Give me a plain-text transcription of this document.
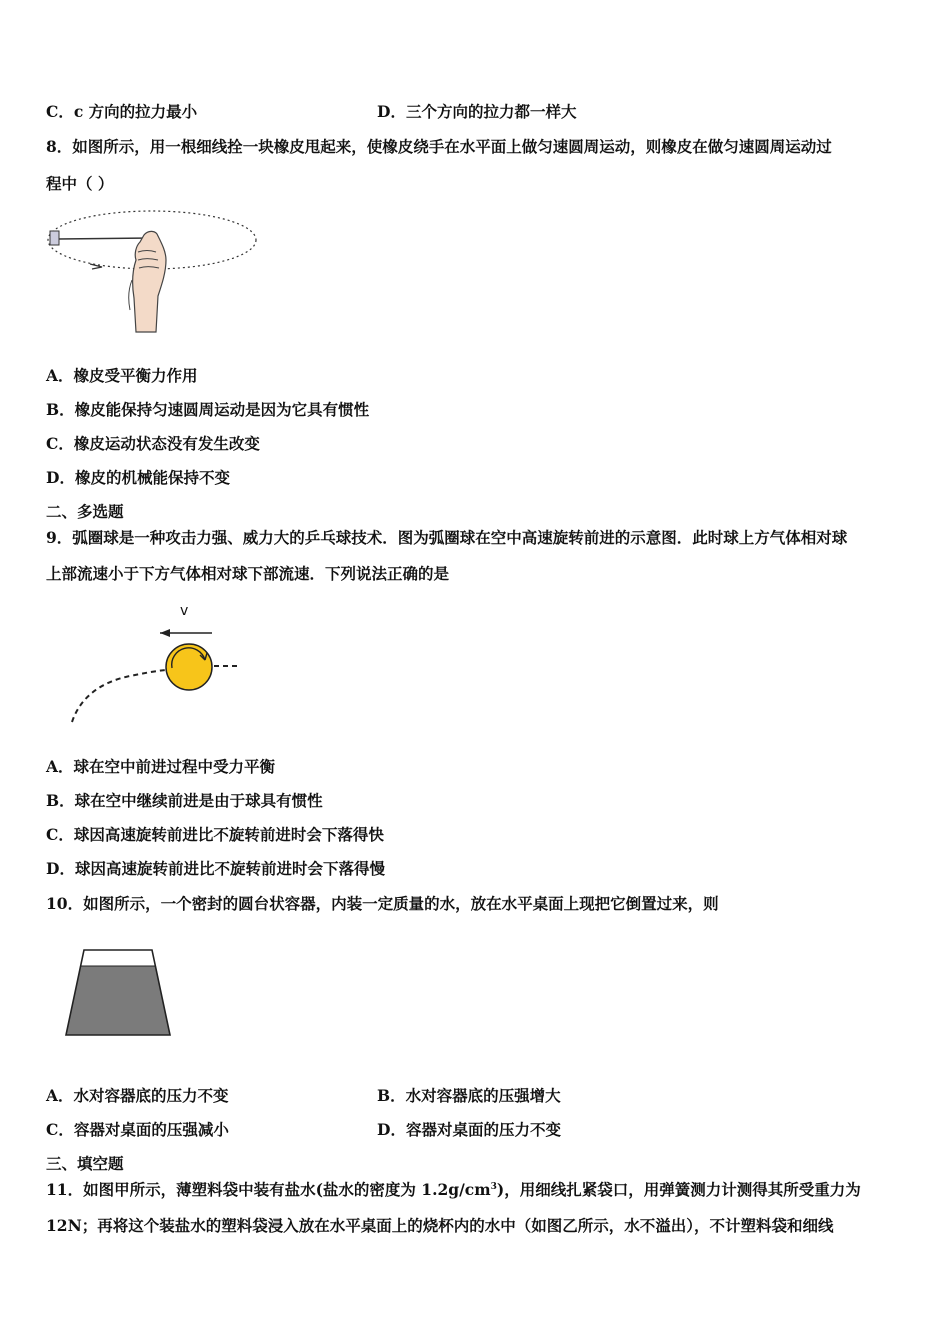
C．c 方向的拉力最小	D．三个方向的拉力都一样大
8．如图所示，用一根细线拴一块橡皮甩起来，使橡皮绕手在水平面上做匀速圆周运动，则橡皮在做匀速圆周运动过
程中（ ）
A．橡皮受平衡力作用
B．橡皮能保持匀速圆周运动是因为它具有惯性
C．橡皮运动状态没有发生改变
D．橡皮的机械能保持不变
二、多选题
9．弧圈球是一种攻击力强、威力大的乒乓球技术．图为弧圈球在空中高速旋转前进的示意图．此时球上方气体相对球
上部流速小于下方气体相对球下部流速．下列说法正确的是
v
A．球在空中前进过程中受力平衡
B．球在空中继续前进是由于球具有惯性
C．球因高速旋转前进比不旋转前进时会下落得快
D．球因高速旋转前进比不旋转前进时会下落得慢
10．如图所示，一个密封的圆台状容器，内装一定质量的水，放在水平桌面上现把它倒置过来，则
A．水对容器底的压力不变	B．水对容器底的压强增大
C．容器对桌面的压强减小	D．容器对桌面的压力不变
三、填空题
11．如图甲所示，薄塑料袋中装有盐水(盐水的密度为 $1.2g/cm^3$)，用细线扎紧袋口，用弹簧测力计测得其所受重力为
12N；再将这个装盐水的塑料袋浸入放在水平桌面上的烧杯内的水中（如图乙所示，水不溢出），不计塑料袋和细线
